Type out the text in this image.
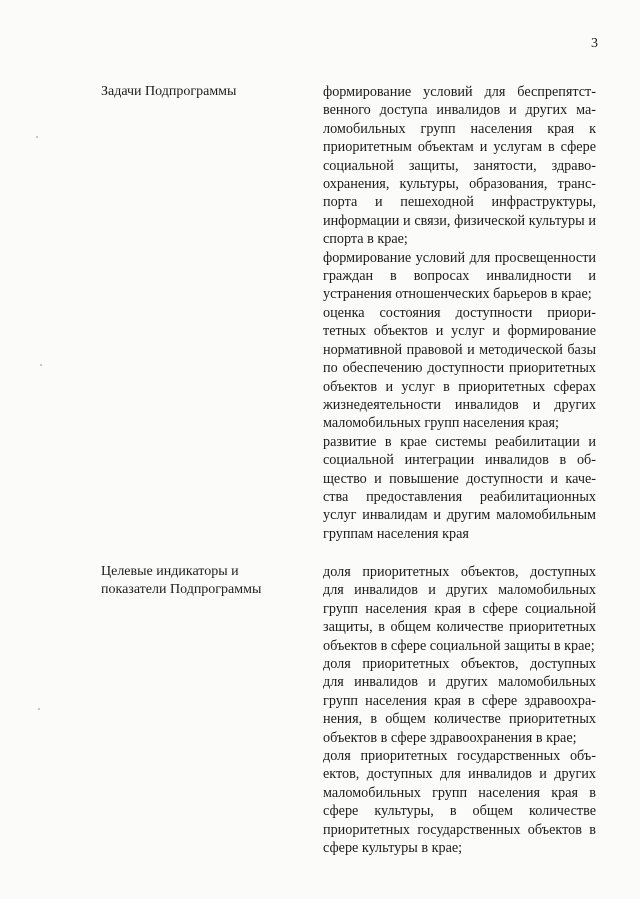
3
Задачи Подпрограммы	формирование условий для беспрепятственного доступа инвалидов и других маломобильных групп населения края к приоритетным объектам и услугам в сфере социальной защиты, занятости, здравоохранения, культуры, образования, транспорта и пешеходной инфраструктуры, информации и связи, физической культуры и спорта в крае;

формирование условий для просвещенности граждан в вопросах инвалидности и устранения отношенческих барьеров в крае;

оценка состояния доступности приоритетных объектов и услуг и формирование нормативной правовой и методической базы по обеспечению доступности приоритетных объектов и услуг в приоритетных сферах жизнедеятельности инвалидов и других маломобильных групп населения края;

развитие в крае системы реабилитации и социальной интеграции инвалидов в общество и повышение доступности и качества предоставления реабилитационных услуг инвалидам и другим маломобильным группам населения края

Целевые индикаторы и показатели Подпрограммы

доля приоритетных объектов, доступных для инвалидов и других маломобильных групп населения края в сфере социальной защиты, в общем количестве приоритетных объектов в сфере социальной защиты в крае;

доля приоритетных объектов, доступных для инвалидов и других маломобильных групп населения края в сфере здравоохранения, в общем количестве приоритетных объектов в сфере здравоохранения в крае;

доля приоритетных государственных объектов, доступных для инвалидов и других маломобильных групп населения края в сфере культуры, в общем количестве приоритетных государственных объектов в сфере культуры в крае;
